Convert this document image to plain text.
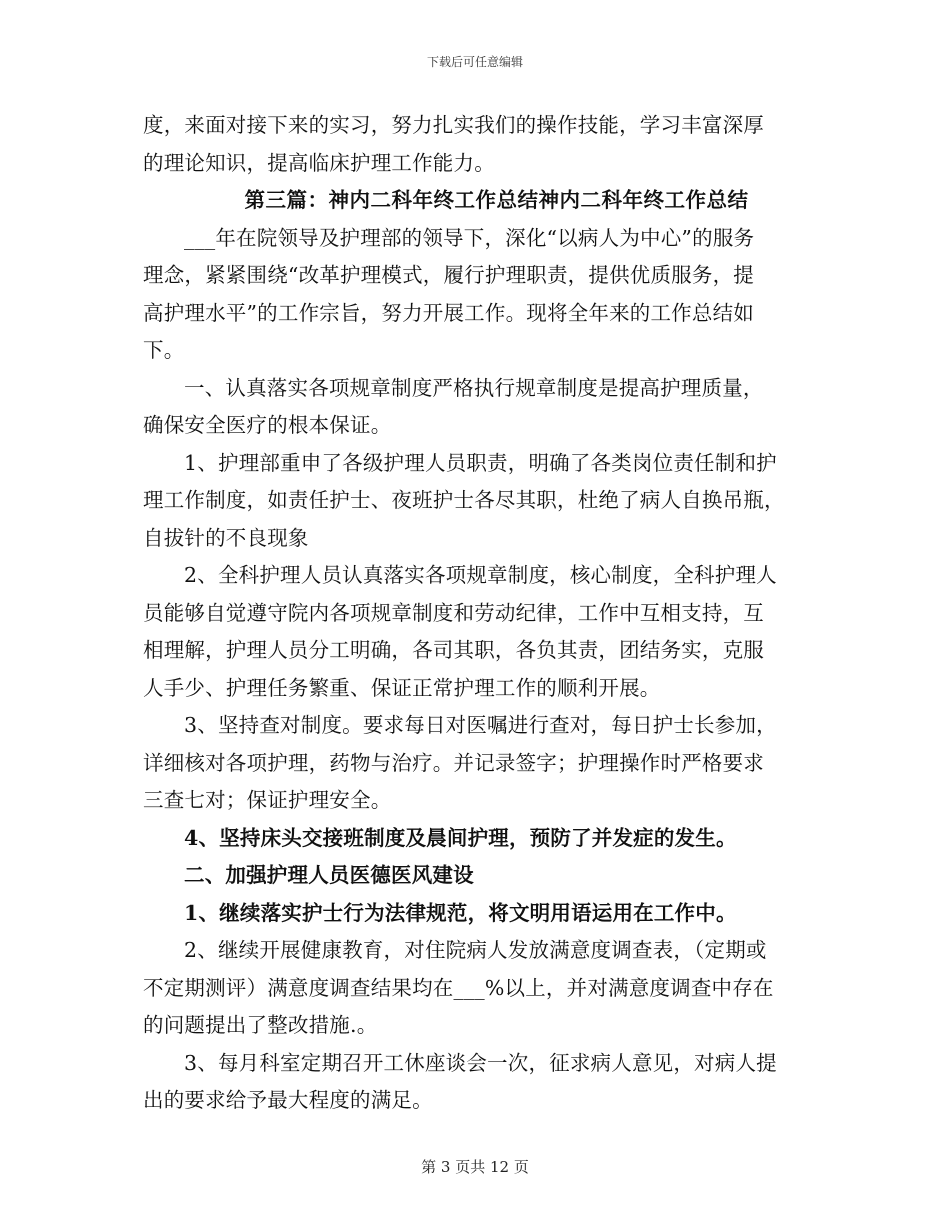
下载后可任意编辑
度，来面对接下来的实习，努力扎实我们的操作技能，学习丰富深厚
的理论知识，提高临床护理工作能力。
第三篇：神内二科年终工作总结神内二科年终工作总结
___年在院领导及护理部的领导下，深化“以病人为中心”的服务
理念，紧紧围绕“改革护理模式，履行护理职责，提供优质服务，提
高护理水平”的工作宗旨，努力开展工作。现将全年来的工作总结如
下。
一、认真落实各项规章制度严格执行规章制度是提高护理质量，
确保安全医疗的根本保证。
1、护理部重申了各级护理人员职责，明确了各类岗位责任制和护
理工作制度，如责任护士、夜班护士各尽其职，杜绝了病人自换吊瓶，
自拔针的不良现象
2、全科护理人员认真落实各项规章制度，核心制度，全科护理人
员能够自觉遵守院内各项规章制度和劳动纪律，工作中互相支持，互
相理解，护理人员分工明确，各司其职，各负其责，团结务实，克服
人手少、护理任务繁重、保证正常护理工作的顺利开展。
3、坚持查对制度。要求每日对医嘱进行查对，每日护士长参加，
详细核对各项护理，药物与治疗。并记录签字；护理操作时严格要求
三查七对；保证护理安全。
4、坚持床头交接班制度及晨间护理，预防了并发症的发生。
二、加强护理人员医德医风建设
1、继续落实护士行为法律规范，将文明用语运用在工作中。
2、继续开展健康教育，对住院病人发放满意度调查表，（定期或
不定期测评）满意度调查结果均在___%以上，并对满意度调查中存在
的问题提出了整改措施.。
3、每月科室定期召开工休座谈会一次，征求病人意见，对病人提
出的要求给予最大程度的满足。
第 3 页共 12 页
